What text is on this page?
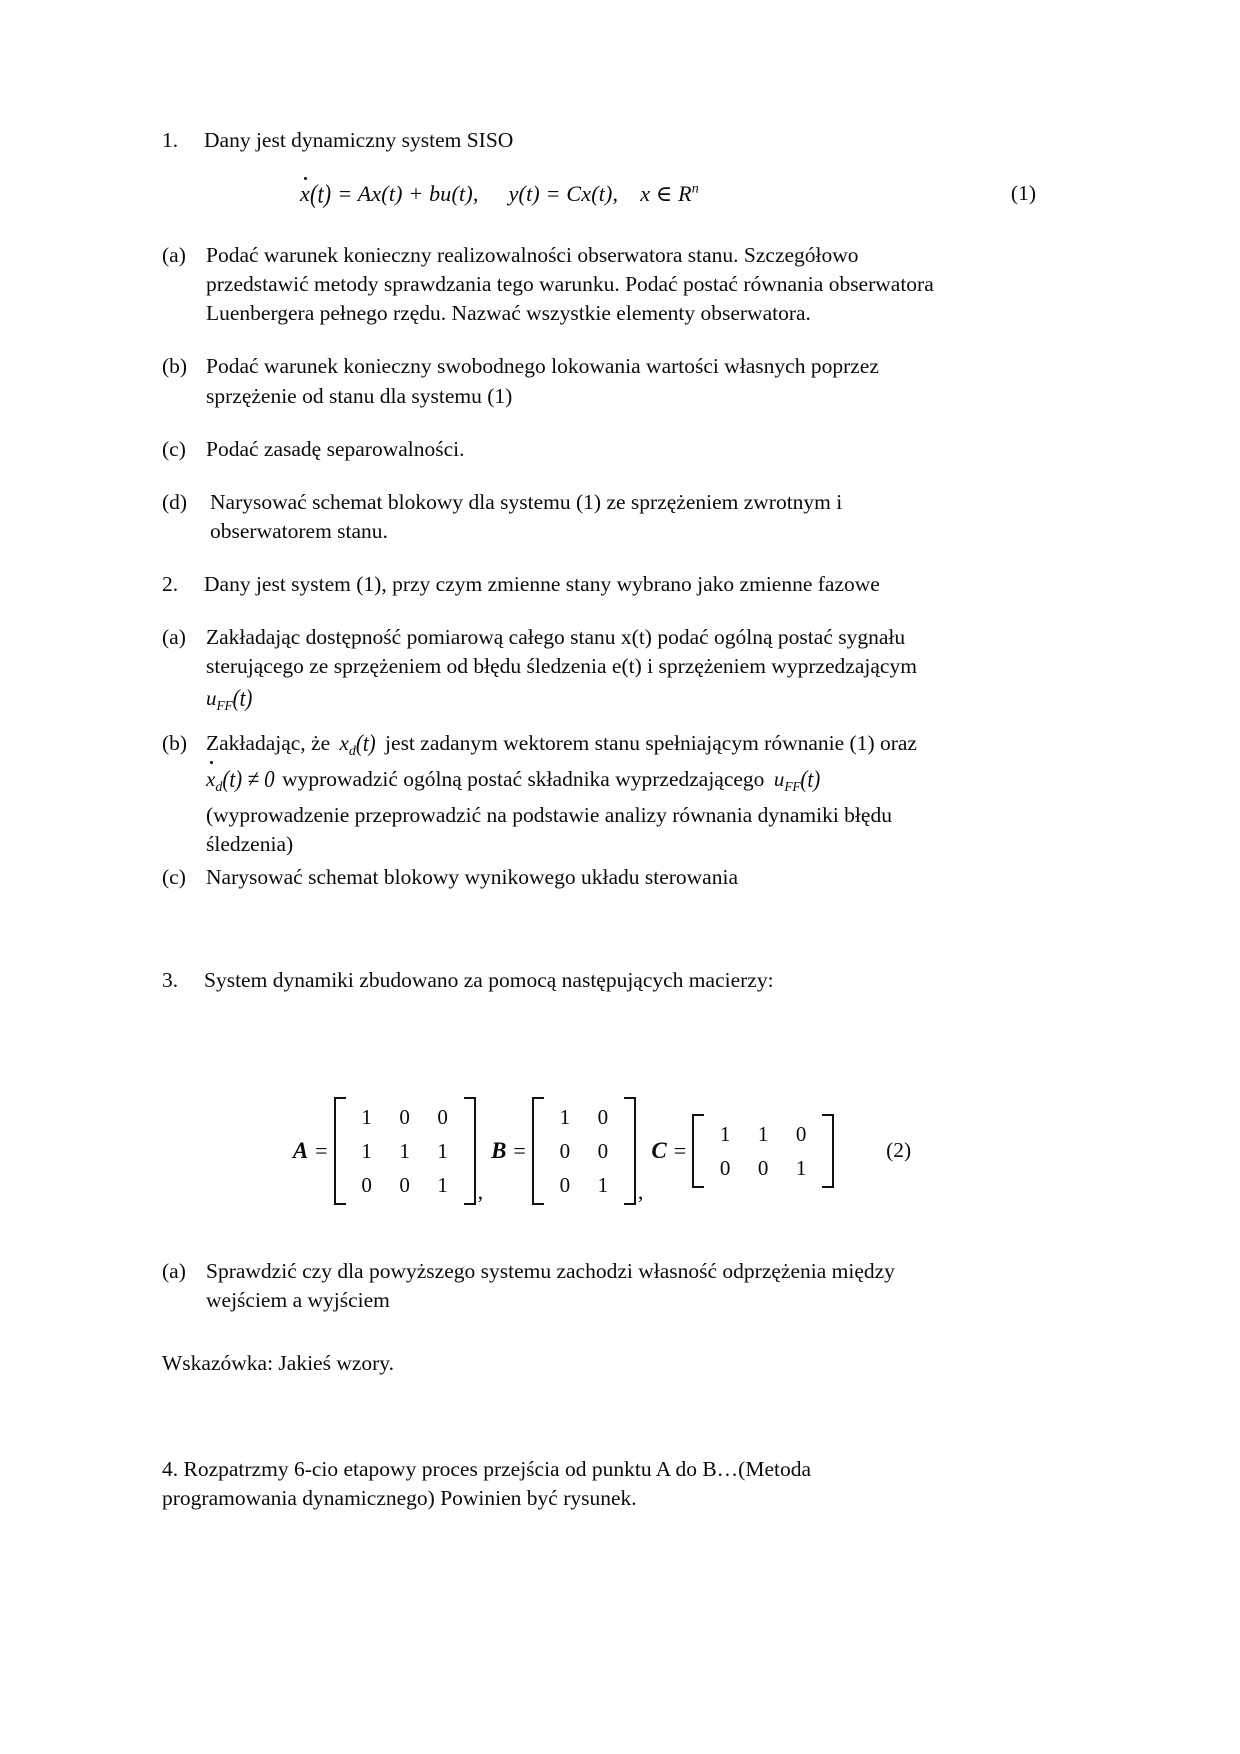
1.	Dany jest dynamiczny system SISO
x(t) = Ax(t) + bu(t), y(t) = Cx(t), x ∈ $R^n$	(1)
(a) Podać warunek konieczny realizowalności obserwatora stanu. Szczegółowo
przedstawić metody sprawdzania tego warunku. Podać postać równania obserwatora
Luenbergera pełnego rzędu. Nazwać wszystkie elementy obserwatora.
(b) Podać warunek konieczny swobodnego lokowania wartości własnych poprzez
sprzężenie od stanu dla systemu (1)
(c) Podać zasadę separowalności.
(d)	Narysować schemat blokowy dla systemu (1) ze sprzężeniem zwrotnym i
obserwatorem stanu.
2.	Dany jest system (1), przy czym zmienne stany wybrano jako zmienne fazowe
(a) Zakładając dostępność pomiarową całego stanu x(t) podać ogólną postać sygnału
sterującego ze sprzężeniem od błędu śledzenia e(t) i sprzężeniem wyprzedzającym
$u_{FF}(t)$
(b) Zakładając, że $x_d(t)$ jest zadanym wektorem stanu spełniającym równanie (1) oraz
$x_d(t) \ne 0$ wyprowadzić ogólną postać składnika wyprzedzającego $u_{FF}(t)$
(wyprowadzenie przeprowadzić na podstawie analizy równania dynamiki błędu
śledzenia)
(c) Narysować schemat blokowy wynikowego układu sterowania
3.	System dynamiki zbudowano za pomocą następujących macierzy:
A =
1	0	0
1	1	1
0	0	1	,
B =
1	0
0	0
0	1	,
C =
1	1	0
0	0	1
(2)
(a) Sprawdzić czy dla powyższego systemu zachodzi własność odprzężenia między
wejściem a wyjściem
Wskazówka: Jakieś wzory.
4. Rozpatrzmy 6-cio etapowy proces przejścia od punktu A do B…(Metoda
programowania dynamicznego) Powinien być rysunek.
